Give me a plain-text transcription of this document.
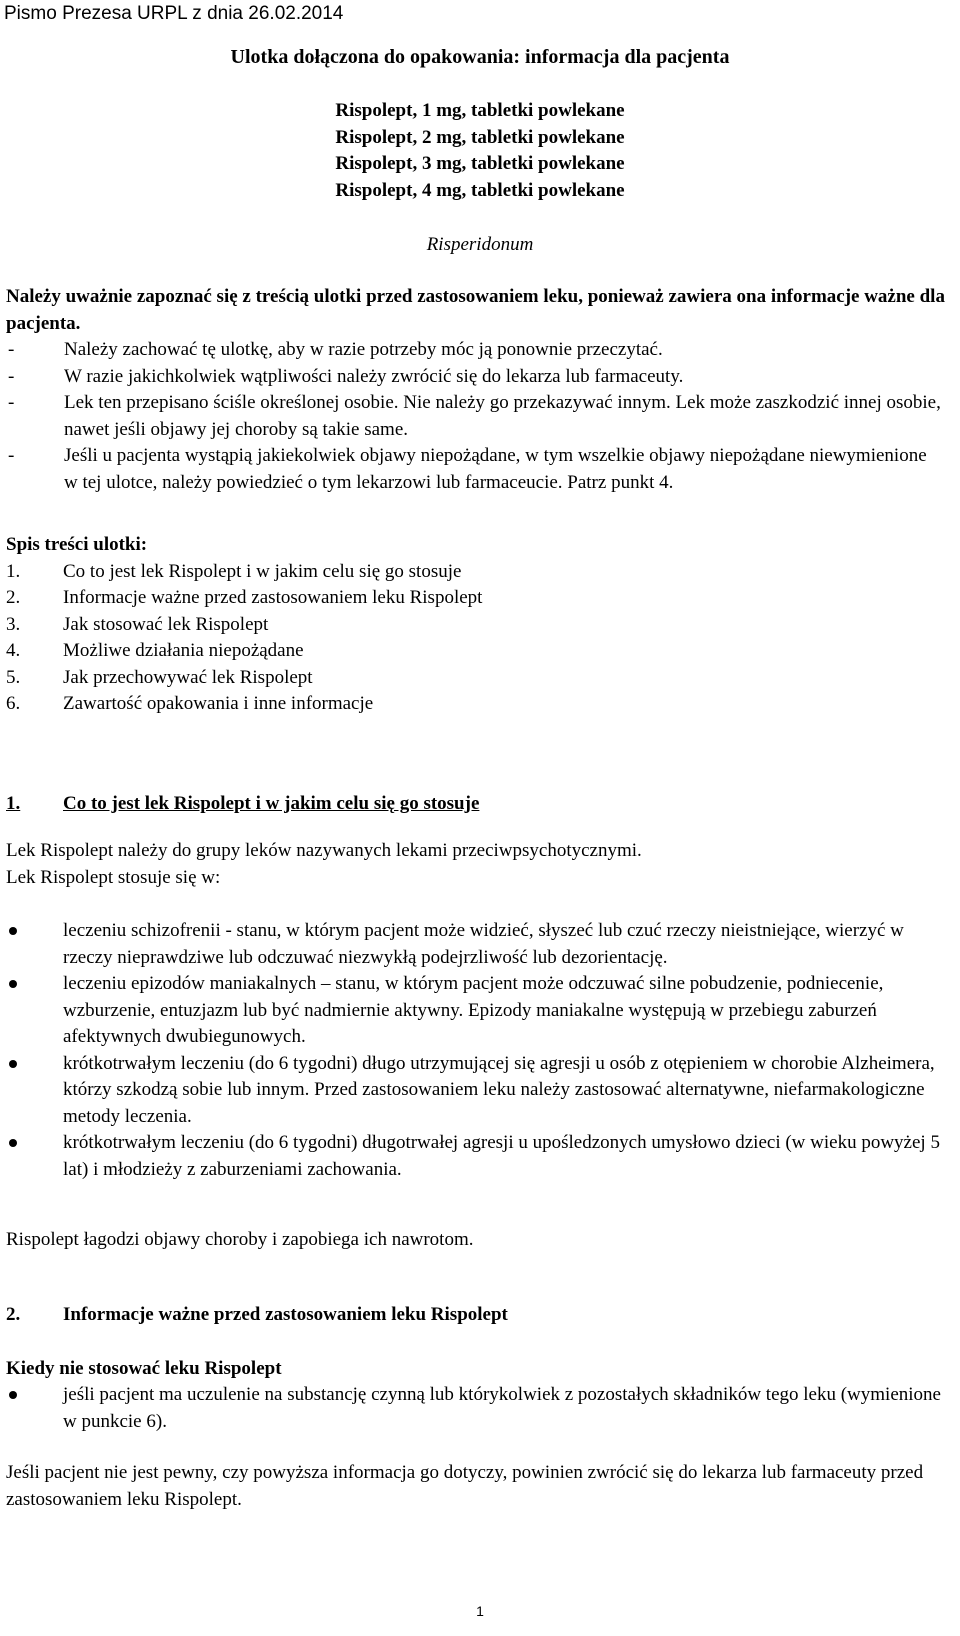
Pismo Prezesa URPL z dnia 26.02.2014
Ulotka dołączona do opakowania: informacja dla pacjenta
Rispolept, 1 mg, tabletki powlekane
Rispolept, 2 mg, tabletki powlekane
Rispolept, 3 mg, tabletki powlekane
Rispolept, 4 mg, tabletki powlekane
Risperidonum
Należy uważnie zapoznać się z treścią ulotki przed zastosowaniem leku, ponieważ zawiera ona informacje ważne dla pacjenta.
-	Należy zachować tę ulotkę, aby w razie potrzeby móc ją ponownie przeczytać.
-	W razie jakichkolwiek wątpliwości należy zwrócić się do lekarza lub farmaceuty.
-	Lek ten przepisano ściśle określonej osobie. Nie należy go przekazywać innym. Lek może zaszkodzić innej osobie, nawet jeśli objawy jej choroby są takie same.
-	Jeśli u pacjenta wystąpią jakiekolwiek objawy niepożądane, w tym wszelkie objawy niepożądane niewymienione w tej ulotce, należy powiedzieć o tym lekarzowi lub farmaceucie. Patrz punkt 4.
Spis treści ulotki:
1.	Co to jest lek Rispolept i w jakim celu się go stosuje
2.	Informacje ważne przed zastosowaniem leku Rispolept
3.	Jak stosować lek Rispolept
4.	Możliwe działania niepożądane
5.	Jak przechowywać lek Rispolept
6.	Zawartość opakowania i inne informacje
1. Co to jest lek Rispolept i w jakim celu się go stosuje
Lek Rispolept należy do grupy leków nazywanych lekami przeciwpsychotycznymi.
Lek Rispolept stosuje się w:
leczeniu schizofrenii - stanu, w którym pacjent może widzieć, słyszeć lub czuć rzeczy nieistniejące, wierzyć w rzeczy nieprawdziwe lub odczuwać niezwykłą podejrzliwość lub dezorientację.
leczeniu epizodów maniakalnych – stanu, w którym pacjent może odczuwać silne pobudzenie, podniecenie, wzburzenie, entuzjazm lub być nadmiernie aktywny. Epizody maniakalne występują w przebiegu zaburzeń afektywnych dwubiegunowych.
krótkotrwałym leczeniu (do 6 tygodni) długo utrzymującej się agresji u osób z otępieniem w chorobie Alzheimera, którzy szkodzą sobie lub innym. Przed zastosowaniem leku należy zastosować alternatywne, niefarmakologiczne metody leczenia.
krótkotrwałym leczeniu (do 6 tygodni) długotrwałej agresji u upośledzonych umysłowo dzieci (w wieku powyżej 5 lat) i młodzieży z zaburzeniami zachowania.
Rispolept łagodzi objawy choroby i zapobiega ich nawrotom.
2. Informacje ważne przed zastosowaniem leku Rispolept
Kiedy nie stosować leku Rispolept
jeśli pacjent ma uczulenie na substancję czynną lub którykolwiek z pozostałych składników tego leku (wymienione w punkcie 6).
Jeśli pacjent nie jest pewny, czy powyższa informacja go dotyczy, powinien zwrócić się do lekarza lub farmaceuty przed zastosowaniem leku Rispolept.
1
